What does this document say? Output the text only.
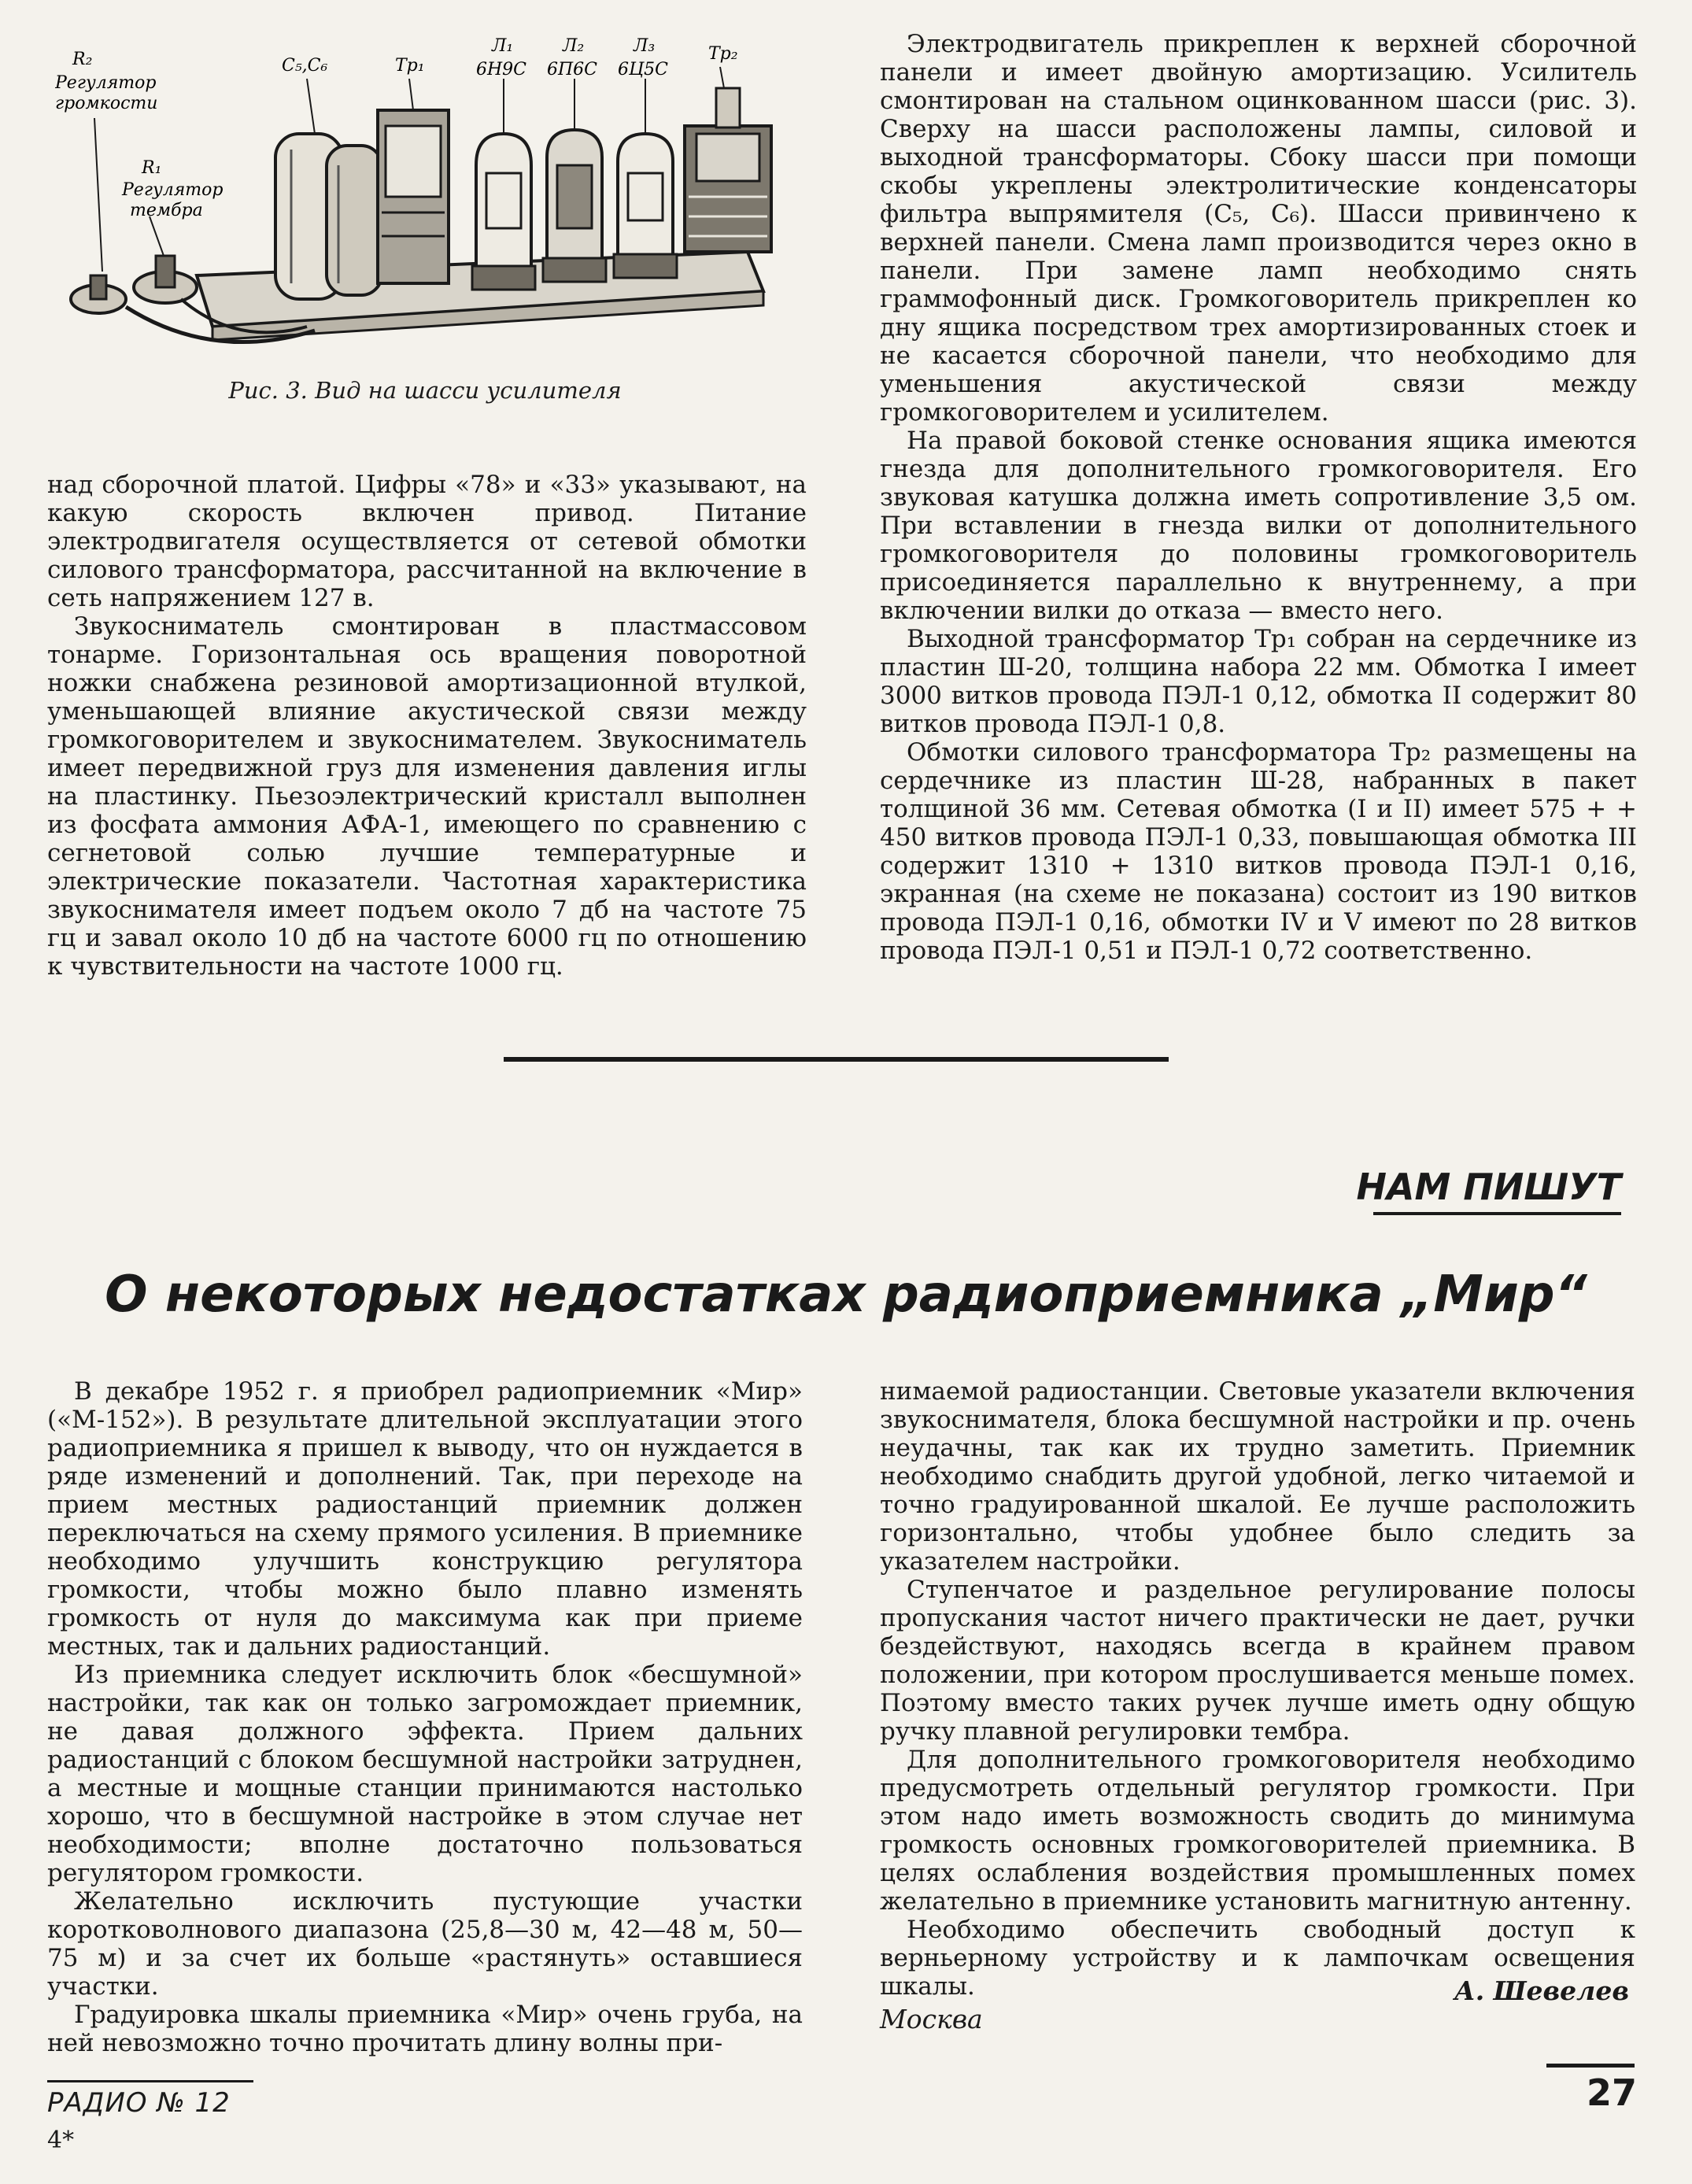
R₂
Регулятор
громкости
R₁
Регулятор
тембра
C₅,C₆	Тр₁
Л₁
6Н9С
Л₂
6П6С
Л₃
6Ц5С
Тр₂

Рис. 3. Вид на шасси усилителя

над сборочной платой. Цифры «78» и «33» указывают, на какую скорость включен привод. Питание электродвигателя осуществляется от сетевой обмотки силового трансформатора, рассчитанной на включение в сеть напряжением 127 в.

Звукосниматель смонтирован в пластмассовом тонарме. Горизонтальная ось вращения поворотной ножки снабжена резиновой амортизационной втулкой, уменьшающей влияние акустической связи между громкоговорителем и звукоснимателем. Звукосниматель имеет передвижной груз для изменения давления иглы на пластинку. Пьезоэлектрический кристалл выполнен из фосфата аммония АФА-1, имеющего по сравнению с сегнетовой солью лучшие температурные и электрические показатели. Частотная характеристика звукоснимателя имеет подъем около 7 дб на частоте 75 гц и завал около 10 дб на частоте 6000 гц по отношению к чувствительности на частоте 1000 гц.

Электродвигатель прикреплен к верхней сборочной панели и имеет двойную амортизацию. Усилитель смонтирован на стальном оцинкованном шасси (рис. 3). Сверху на шасси расположены лампы, силовой и выходной трансформаторы. Сбоку шасси при помощи скобы укреплены электролитические конденсаторы фильтра выпрямителя (C₅, C₆). Шасси привинчено к верхней панели. Смена ламп производится через окно в панели. При замене ламп необходимо снять граммофонный диск. Громкоговоритель прикреплен ко дну ящика посредством трех амортизированных стоек и не касается сборочной панели, что необходимо для уменьшения акустической связи между громкоговорителем и усилителем.

На правой боковой стенке основания ящика имеются гнезда для дополнительного громкоговорителя. Его звуковая катушка должна иметь сопротивление 3,5 ом. При вставлении в гнезда вилки от дополнительного громкоговорителя до половины громкоговоритель присоединяется параллельно к внутреннему, а при включении вилки до отказа — вместо него.

Выходной трансформатор Тр₁ собран на сердечнике из пластин Ш-20, толщина набора 22 мм. Обмотка I имеет 3000 витков провода ПЭЛ-1 0,12, обмотка II содержит 80 витков провода ПЭЛ-1 0,8.

Обмотки силового трансформатора Тр₂ размещены на сердечнике из пластин Ш-28, набранных в пакет толщиной 36 мм. Сетевая обмотка (I и II) имеет 575 + + 450 витков провода ПЭЛ-1 0,33, повышающая обмотка III содержит 1310 + 1310 витков провода ПЭЛ-1 0,16, экранная (на схеме не показана) состоит из 190 витков провода ПЭЛ-1 0,16, обмотки IV и V имеют по 28 витков провода ПЭЛ-1 0,51 и ПЭЛ-1 0,72 соответственно.

НАМ ПИШУТ

О некоторых недостатках радиоприемника „Мир“

В декабре 1952 г. я приобрел радиоприемник «Мир» («М-152»). В результате длительной эксплуатации этого радиоприемника я пришел к выводу, что он нуждается в ряде изменений и дополнений. Так, при переходе на прием местных радиостанций приемник должен переключаться на схему прямого усиления. В приемнике необходимо улучшить конструкцию регулятора громкости, чтобы можно было плавно изменять громкость от нуля до максимума как при приеме местных, так и дальних радиостанций.

Из приемника следует исключить блок «бесшумной» настройки, так как он только загромождает приемник, не давая должного эффекта. Прием дальних радиостанций с блоком бесшумной настройки затруднен, а местные и мощные станции принимаются настолько хорошо, что в бесшумной настройке в этом случае нет необходимости; вполне достаточно пользоваться регулятором громкости.

Желательно исключить пустующие участки коротковолнового диапазона (25,8—30 м, 42—48 м, 50—75 м) и за счет их больше «растянуть» оставшиеся участки.

Градуировка шкалы приемника «Мир» очень груба, на ней невозможно точно прочитать длину волны при-

нимаемой радиостанции. Световые указатели включения звукоснимателя, блока бесшумной настройки и пр. очень неудачны, так как их трудно заметить. Приемник необходимо снабдить другой удобной, легко читаемой и точно градуированной шкалой. Ее лучше расположить горизонтально, чтобы удобнее было следить за указателем настройки.

Ступенчатое и раздельное регулирование полосы пропускания частот ничего практически не дает, ручки бездействуют, находясь всегда в крайнем правом положении, при котором прослушивается меньше помех. Поэтому вместо таких ручек лучше иметь одну общую ручку плавной регулировки тембра.

Для дополнительного громкоговорителя необходимо предусмотреть отдельный регулятор громкости. При этом надо иметь возможность сводить до минимума громкость основных громкоговорителей приемника. В целях ослабления воздействия промышленных помех желательно в приемнике установить магнитную антенну.

Необходимо обеспечить свободный доступ к верньерному устройству и к лампочкам освещения шкалы.	А. Шевелев

Москва

РАДИО № 12

4*

27
